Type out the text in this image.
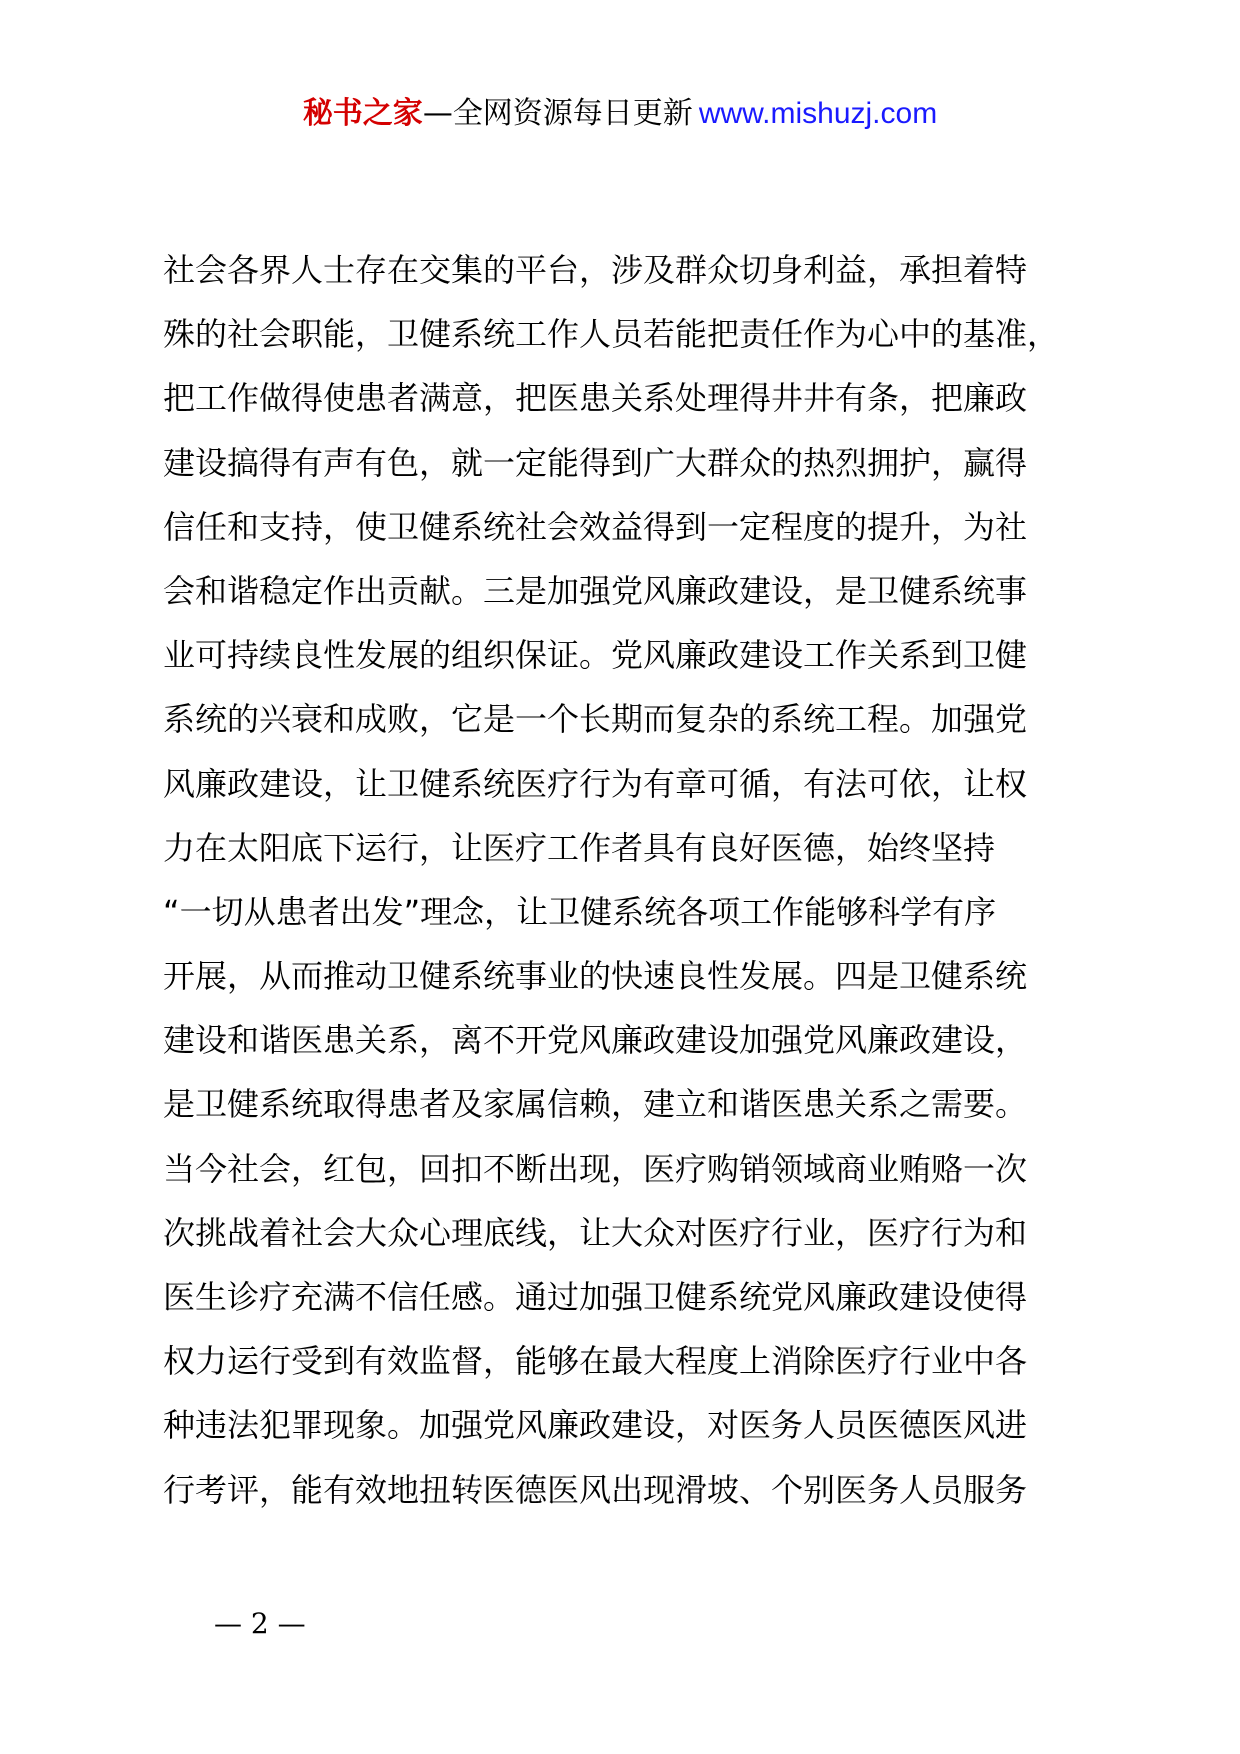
秘书之家—全网资源每日更新 www.mishuzj.com
社会各界人士存在交集的平台，涉及群众切身利益，承担着特
殊的社会职能，卫健系统工作人员若能把责任作为心中的基准，
把工作做得使患者满意，把医患关系处理得井井有条，把廉政
建设搞得有声有色，就一定能得到广大群众的热烈拥护，赢得
信任和支持，使卫健系统社会效益得到一定程度的提升，为社
会和谐稳定作出贡献。三是加强党风廉政建设，是卫健系统事
业可持续良性发展的组织保证。党风廉政建设工作关系到卫健
系统的兴衰和成败，它是一个长期而复杂的系统工程。加强党
风廉政建设，让卫健系统医疗行为有章可循，有法可依，让权
力在太阳底下运行，让医疗工作者具有良好医德，始终坚持
“一切从患者出发”理念，让卫健系统各项工作能够科学有序
开展，从而推动卫健系统事业的快速良性发展。四是卫健系统
建设和谐医患关系，离不开党风廉政建设加强党风廉政建设，
是卫健系统取得患者及家属信赖，建立和谐医患关系之需要。
当今社会，红包，回扣不断出现，医疗购销领域商业贿赂一次
次挑战着社会大众心理底线，让大众对医疗行业，医疗行为和
医生诊疗充满不信任感。通过加强卫健系统党风廉政建设使得
权力运行受到有效监督，能够在最大程度上消除医疗行业中各
种违法犯罪现象。加强党风廉政建设，对医务人员医德医风进
行考评，能有效地扭转医德医风出现滑坡、个别医务人员服务
— 2 —
